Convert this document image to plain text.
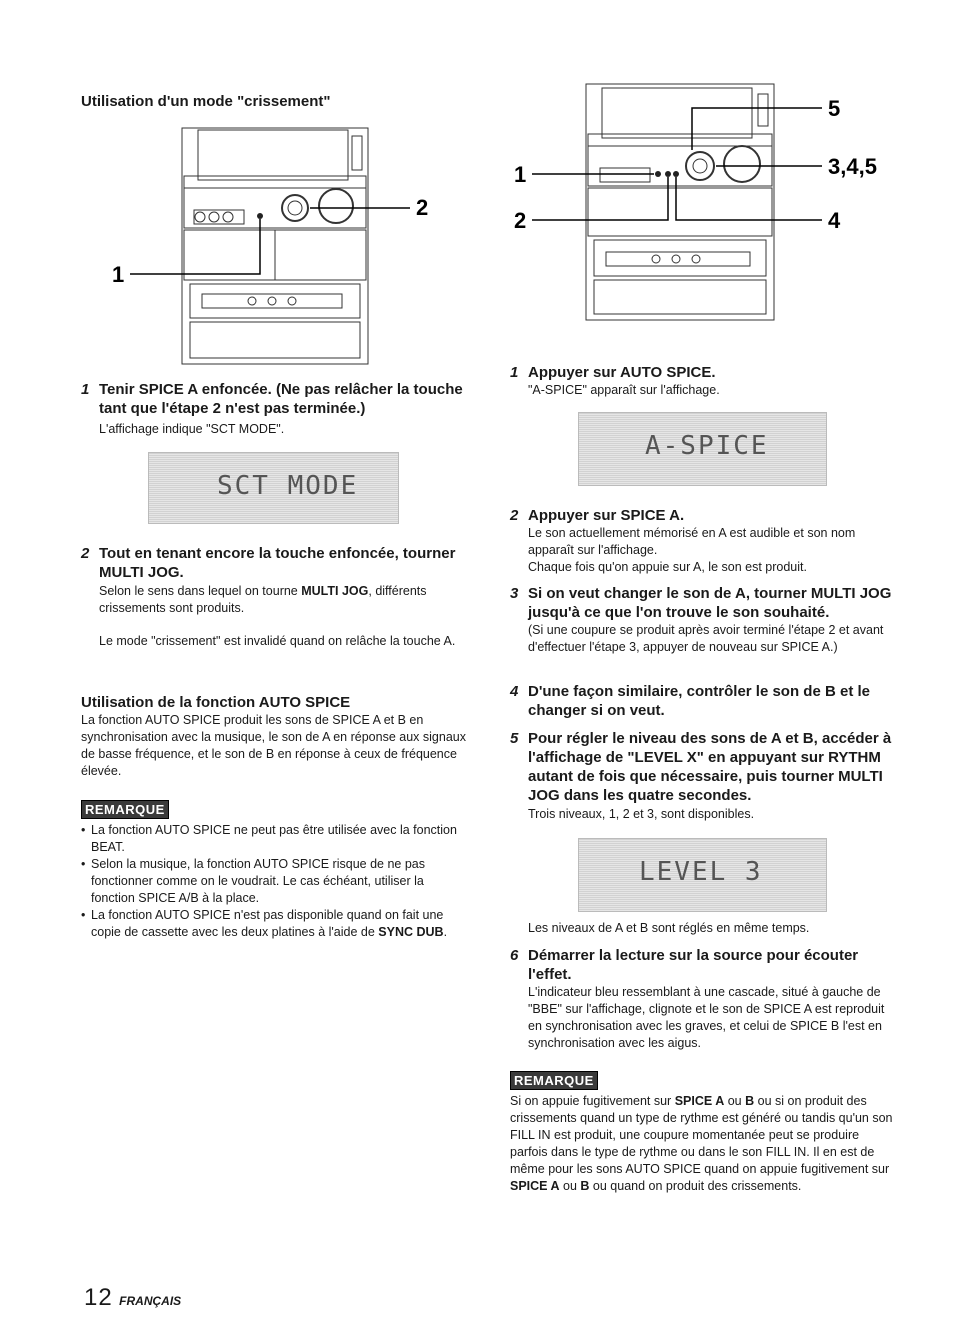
Utilisation d'un mode "crissement"
1
2
1 Tenir SPICE A enfoncée. (Ne pas relâcher la touche tant que l'étape 2 n'est pas terminée.)
L'affichage indique "SCT MODE".
SCT MODE
2 Tout en tenant encore la touche enfoncée, tourner MULTI JOG.
Selon le sens dans lequel on tourne MULTI JOG, différents crissements sont produits.
Le mode "crissement" est invalidé quand on relâche la touche A.
Utilisation de la fonction AUTO SPICE
La fonction AUTO SPICE produit les sons de SPICE A et B en synchronisation avec la musique, le son de A en réponse aux signaux de basse fréquence, et le son de B en réponse à ceux de fréquence élevée.
REMARQUE
• La fonction AUTO SPICE ne peut pas être utilisée avec la fonction BEAT.
• Selon la musique, la fonction AUTO SPICE risque de ne pas fonctionner comme on le voudrait. Le cas échéant, utiliser la fonction SPICE A/B à la place.
• La fonction AUTO SPICE n'est pas disponible quand on fait une copie de cassette avec les deux platines à l'aide de SYNC DUB.
5
3,4,5
1
2	4
1 Appuyer sur AUTO SPICE.
"A-SPICE" apparaît sur l'affichage.
A-SPICE
2 Appuyer sur SPICE A.
Le son actuellement mémorisé en A est audible et son nom apparaît sur l'affichage.
Chaque fois qu'on appuie sur A, le son est produit.
3 Si on veut changer le son de A, tourner MULTI JOG jusqu'à ce que l'on trouve le son souhaité.
(Si une coupure se produit après avoir terminé l'étape 2 et avant d'effectuer l'étape 3, appuyer de nouveau sur SPICE A.)
4 D'une façon similaire, contrôler le son de B et le changer si on veut.
5 Pour régler le niveau des sons de A et B, accéder à l'affichage de "LEVEL X" en appuyant sur RYTHM autant de fois que nécessaire, puis tourner MULTI JOG dans les quatre secondes.
Trois niveaux, 1, 2 et 3, sont disponibles.
LEVEL 3
Les niveaux de A et B sont réglés en même temps.
6 Démarrer la lecture sur la source pour écouter l'effet.
L'indicateur bleu ressemblant à une cascade, situé à gauche de "BBE" sur l'affichage, clignote et le son de SPICE A est reproduit en synchronisation avec les graves, et celui de SPICE B l'est en synchronisation avec les aigus.
REMARQUE
Si on appuie fugitivement sur SPICE A ou B ou si on produit des crissements quand un type de rythme est généré ou tandis qu'un son FILL IN est produit, une coupure momentanée peut se produire parfois dans le type de rythme ou dans le son FILL IN. Il en est de même pour les sons AUTO SPICE quand on appuie fugitivement sur SPICE A ou B ou quand on produit des crissements.
12 FRANÇAIS
